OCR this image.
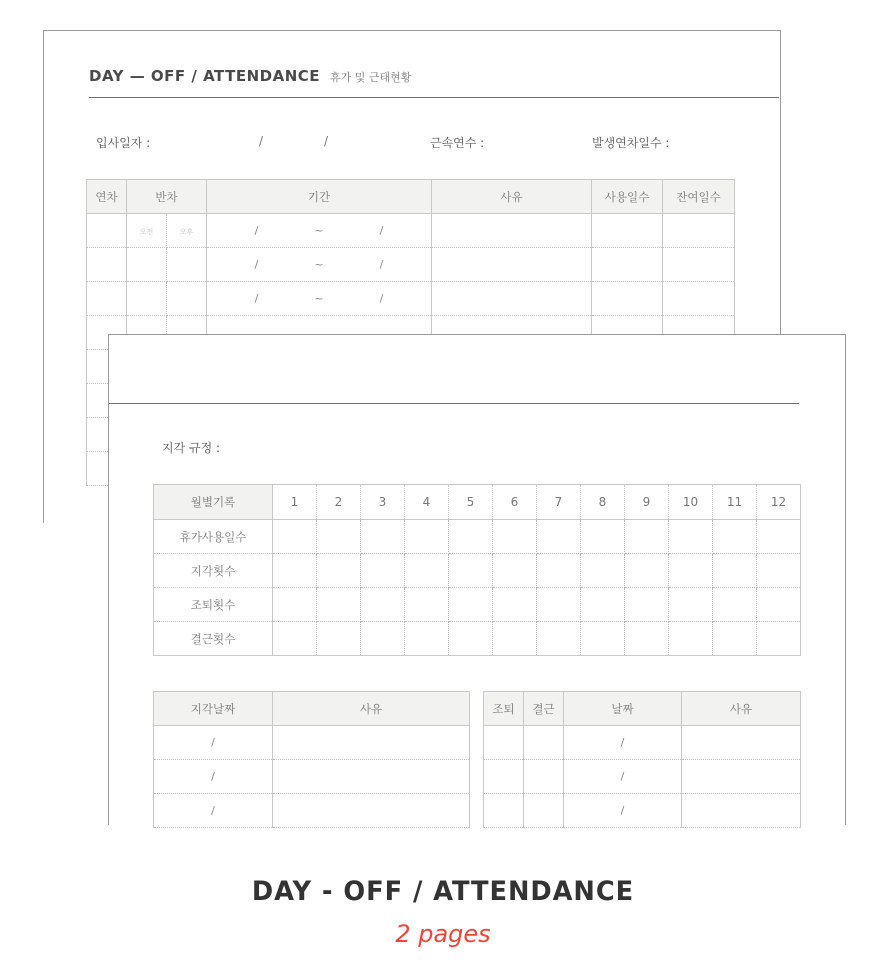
DAY — OFF / ATTENDANCE 휴가 및 근태현황
입사일자 :	/	/	근속연수 :	발생연차일수 :
연차	반차		기간	사유	사용일수	잔여일수
	오전	오후	/ ~ /			
			/ ~ /			
			/ ~ /			

지각 규정 :
월별기록	1	2	3	4	5	6	7	8	9	10	11	12
휴가사용일수												
지각횟수												
조퇴횟수												
결근횟수												
지각날짜	사유
/	
/	
/	
조퇴	결근	날짜	사유
		/	
		/	
		/	
DAY - OFF / ATTENDANCE
2 pages
